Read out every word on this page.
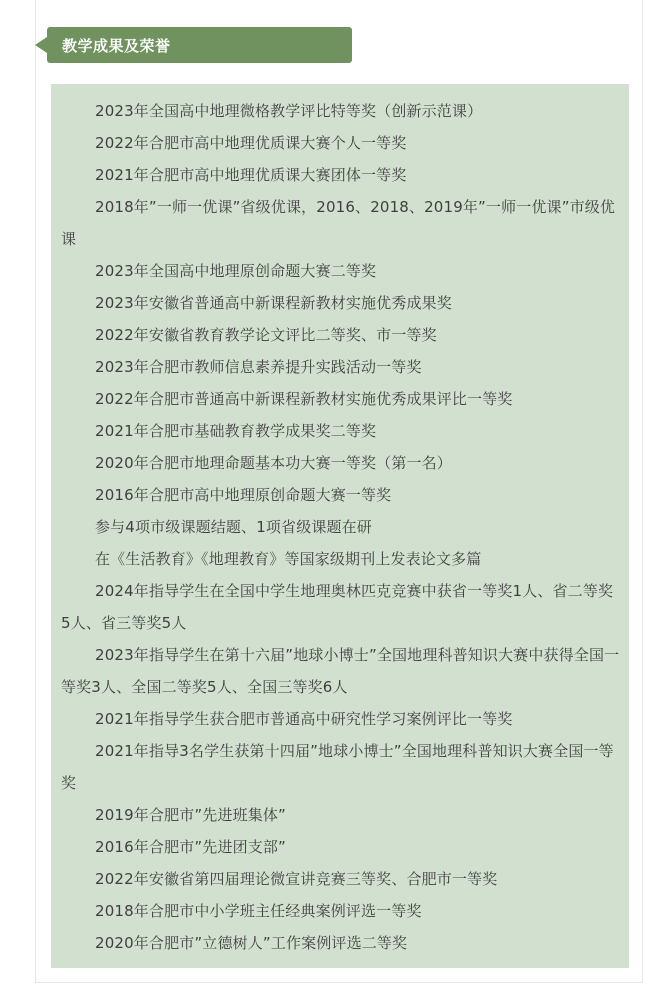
教学成果及荣誉

2023年全国高中地理微格教学评比特等奖（创新示范课）

2022年合肥市高中地理优质课大赛个人一等奖

2021年合肥市高中地理优质课大赛团体一等奖

2018年”一师一优课”省级优课，2016、2018、2019年”一师一优课”市级优课

2023年全国高中地理原创命题大赛二等奖

2023年安徽省普通高中新课程新教材实施优秀成果奖

2022年安徽省教育教学论文评比二等奖、市一等奖

2023年合肥市教师信息素养提升实践活动一等奖

2022年合肥市普通高中新课程新教材实施优秀成果评比一等奖

2021年合肥市基础教育教学成果奖二等奖

2020年合肥市地理命题基本功大赛一等奖（第一名）

2016年合肥市高中地理原创命题大赛一等奖

参与4项市级课题结题、1项省级课题在研

在《生活教育》《地理教育》等国家级期刊上发表论文多篇

2024年指导学生在全国中学生地理奥林匹克竞赛中获省一等奖1人、省二等奖5人、省三等奖5人

2023年指导学生在第十六届”地球小博士”全国地理科普知识大赛中获得全国一等奖3人、全国二等奖5人、全国三等奖6人

2021年指导学生获合肥市普通高中研究性学习案例评比一等奖

2021年指导3名学生获第十四届”地球小博士”全国地理科普知识大赛全国一等奖

2019年合肥市”先进班集体”

2016年合肥市”先进团支部”

2022年安徽省第四届理论微宣讲竞赛三等奖、合肥市一等奖

2018年合肥市中小学班主任经典案例评选一等奖

2020年合肥市”立德树人”工作案例评选二等奖
